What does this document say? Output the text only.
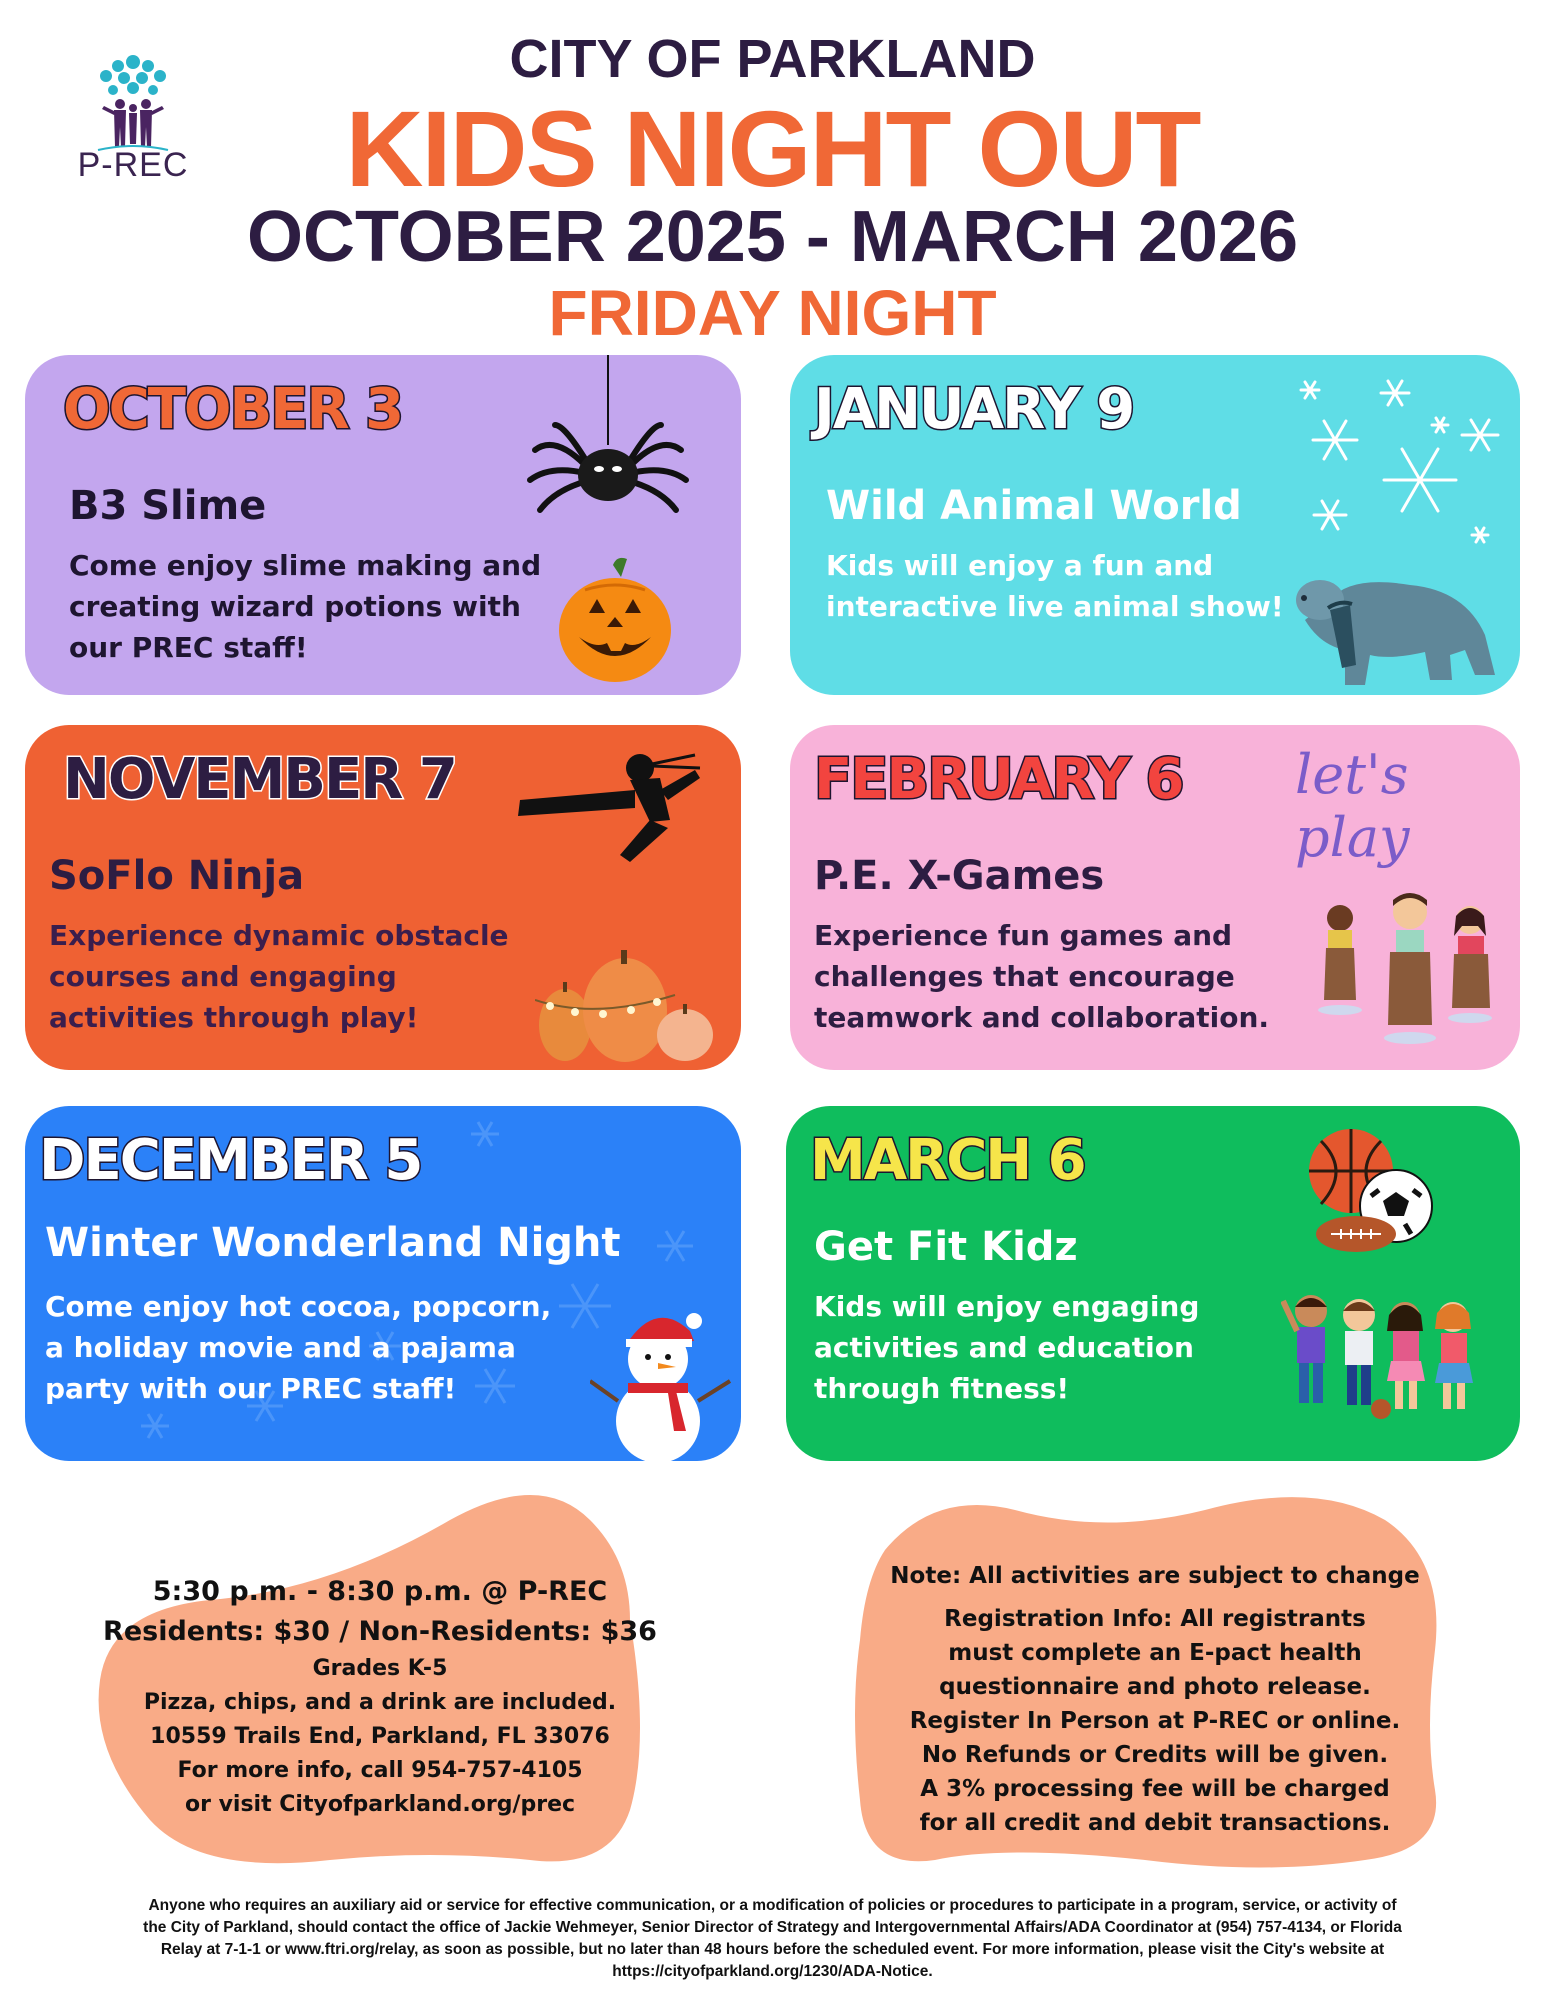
P-REC
CITY OF PARKLAND
KIDS NIGHT OUT
OCTOBER 2025 - MARCH 2026
FRIDAY NIGHT
OCTOBER 3
B3 Slime
Come enjoy slime making and
creating wizard potions with
our PREC staff!
JANUARY 9
Wild Animal World
Kids will enjoy a fun and
interactive live animal show!
NOVEMBER 7
SoFlo Ninja
Experience dynamic obstacle
courses and engaging
activities through play!
FEBRUARY 6
P.E. X-Games
Experience fun games and
challenges that encourage
teamwork and collaboration.
let's play
DECEMBER 5
Winter Wonderland Night
Come enjoy hot cocoa, popcorn,
a holiday movie and a pajama
party with our PREC staff!
MARCH 6
Get Fit Kidz
Kids will enjoy engaging
activities and education
through fitness!
5:30 p.m. - 8:30 p.m. @ P-REC
Residents: $30 / Non-Residents: $36
Grades K-5
Pizza, chips, and a drink are included.
10559 Trails End, Parkland, FL 33076
For more info, call 954-757-4105
or visit Cityofparkland.org/prec
Note: All activities are subject to change
Registration Info: All registrants
must complete an E-pact health
questionnaire and photo release.
Register In Person at P-REC or online.
No Refunds or Credits will be given.
A 3% processing fee will be charged
for all credit and debit transactions.
Anyone who requires an auxiliary aid or service for effective communication, or a modification of policies or procedures to participate in a program, service, or activity of
the City of Parkland, should contact the office of Jackie Wehmeyer, Senior Director of Strategy and Intergovernmental Affairs/ADA Coordinator at (954) 757-4134, or Florida
Relay at 7-1-1 or www.ftri.org/relay, as soon as possible, but no later than 48 hours before the scheduled event. For more information, please visit the City's website at
https://cityofparkland.org/1230/ADA-Notice.
